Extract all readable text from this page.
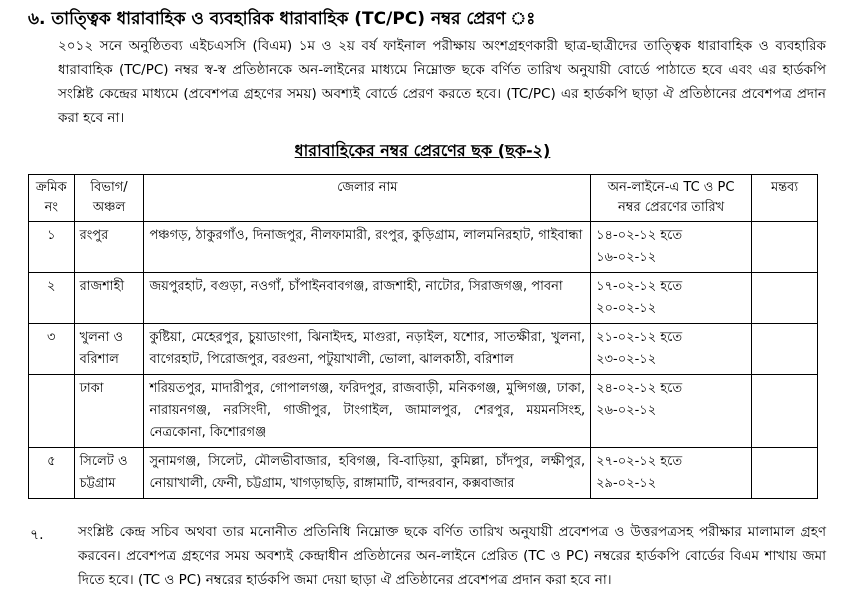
৬. তাত্ত্বিক ধারাবাহিক ও ব্যবহারিক ধারাবাহিক (TC/PC) নম্বর প্রেরণ ঃ
২০১২ সনে অনুষ্ঠিতব্য এইচএসসি (বিএম) ১ম ও ২য় বর্ষ ফাইনাল পরীক্ষায় অংশগ্রহণকারী ছাত্র-ছাত্রীদের তাত্ত্বিক ধারাবাহিক ও ব্যবহারিক ধারাবাহিক (TC/PC) নম্বর স্ব-স্ব প্রতিষ্ঠানকে অন-লাইনের মাধ্যমে নিম্নোক্ত ছকে বর্ণিত তারিখ অনুযায়ী বোর্ডে পাঠাতে হবে এবং এর হার্ডকপি সংশ্লিষ্ট কেন্দ্রের মাধ্যমে (প্রবেশপত্র গ্রহণের সময়) অবশ্যই বোর্ডে প্রেরণ করতে হবে। (TC/PC) এর হার্ডকপি ছাড়া ঐ প্রতিষ্ঠানের প্রবেশপত্র প্রদান করা হবে না।
ধারাবাহিকের নম্বর প্রেরণের ছক (ছক-২)
ক্রমিক নং	বিভাগ/ অঞ্চল	জেলার নাম	অন-লাইনে-এ TC ও PC নম্বর প্রেরণের তারিখ	মন্তব্য
১	রংপুর	পঞ্চগড়, ঠাকুরগাঁও, দিনাজপুর, নীলফামারী, রংপুর, কুড়িগ্রাম, লালমনিরহাট, গাইবান্ধা	১৪-০২-১২ হতে
১৬-০২-১২	

২	রাজশাহী	জয়পুরহাট, বগুড়া, নওগাঁ, চাঁপাইনবাবগঞ্জ, রাজশাহী, নাটোর, সিরাজগঞ্জ, পাবনা	১৭-০২-১২ হতে
২০-০২-১২	

৩	খুলনা ও বরিশাল	কুষ্টিয়া, মেহেরপুর, চুয়াডাংগা, ঝিনাইদহ, মাগুরা, নড়াইল, যশোর, সাতক্ষীরা, খুলনা, বাগেরহাট, পিরোজপুর, বরগুনা, পটুয়াখালী, ভোলা, ঝালকাঠী, বরিশাল	২১-০২-১২ হতে
২৩-০২-১২	

	ঢাকা	শরিয়তপুর, মাদারীপুর, গোপালগঞ্জ, ফরিদপুর, রাজবাড়ী, মনিকগঞ্জ, মুন্সিগঞ্জ, ঢাকা, নারায়নগঞ্জ, নরসিংদী, গাজীপুর, টাংগাইল, জামালপুর, শেরপুর, ময়মনসিংহ, নেত্রকোনা, কিশোরগঞ্জ	২৪-০২-১২ হতে
২৬-০২-১২	

৫	সিলেট ও চট্টগ্রাম	সুনামগঞ্জ, সিলেট, মৌলভীবাজার, হবিগঞ্জ, বি-বাড়িয়া, কুমিল্লা, চাঁদপুর, লক্ষীপুর, নোয়াখালী, ফেনী, চট্টগ্রাম, খাগড়াছড়ি, রাঙ্গামাটি, বান্দরবান, কক্সবাজার	২৭-০২-১২ হতে
২৯-০২-১২	

৭.	সংশ্লিষ্ট কেন্দ্র সচিব অথবা তার মনোনীত প্রতিনিধি নিম্নোক্ত ছকে বর্ণিত তারিখ অনুযায়ী প্রবেশপত্র ও উত্তরপত্রসহ পরীক্ষার মালামাল গ্রহণ করবেন। প্রবেশপত্র গ্রহণের সময় অবশ্যই কেন্দ্রাধীন প্রতিষ্ঠানের অন-লাইনে প্রেরিত (TC ও PC) নম্বরের হার্ডকপি বোর্ডের বিএম শাখায় জমা দিতে হবে। (TC ও PC) নম্বরের হার্ডকপি জমা দেয়া ছাড়া ঐ প্রতিষ্ঠানের প্রবেশপত্র প্রদান করা হবে না।
